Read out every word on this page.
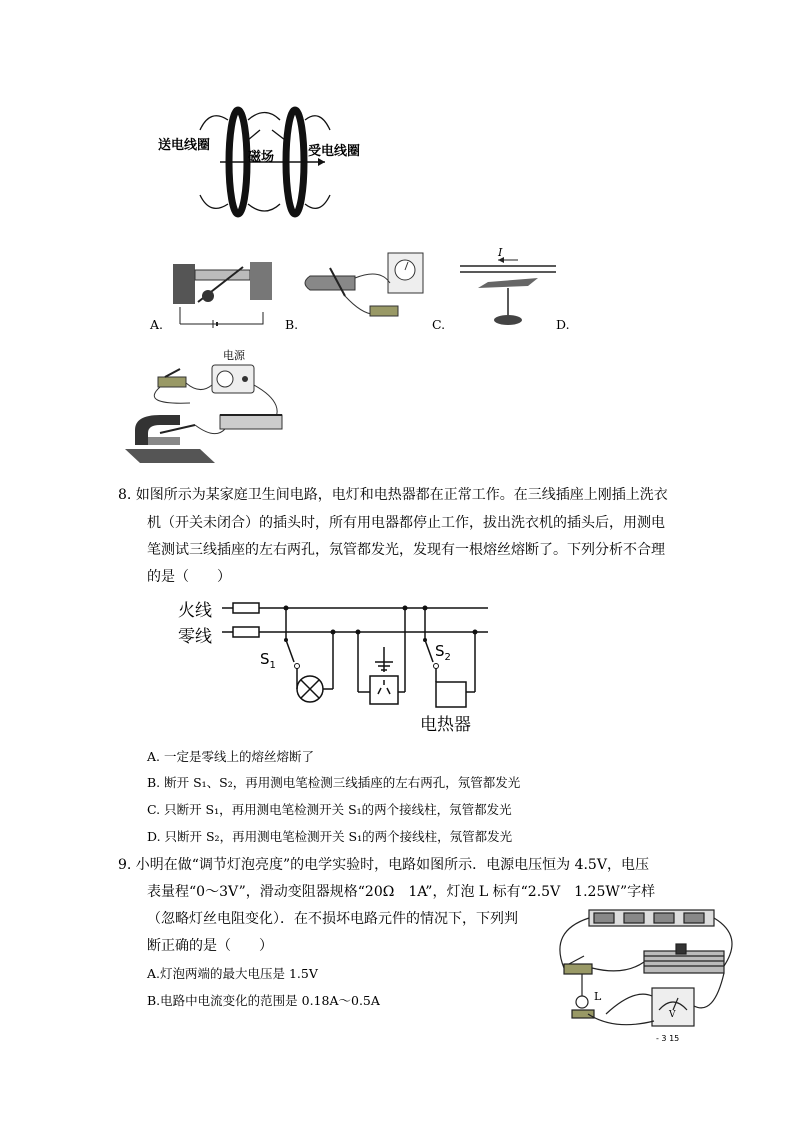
送电线圈
磁场	受电线圈
A.	B.
I
C.	D.
电源
8. 如图所示为某家庭卫生间电路，电灯和电热器都在正常工作。在三线插座上刚插上洗衣
机（开关未闭合）的插头时，所有用电器都停止工作，拔出洗衣机的插头后，用测电
笔测试三线插座的左右两孔，氖管都发光，发现有一根熔丝熔断了。下列分析不合理
的是（　　）
火线
零线
$S_1$
$S_2$
电热器
A. 一定是零线上的熔丝熔断了
B. 断开 S₁、S₂，再用测电笔检测三线插座的左右两孔，氖管都发光
C. 只断开 S₁，再用测电笔检测开关 S₁的两个接线柱，氖管都发光
D. 只断开 S₂，再用测电笔检测开关 S₁的两个接线柱，氖管都发光
9. 小明在做“调节灯泡亮度”的电学实验时，电路如图所示．电源电压恒为 4.5V，电压
表量程“0～3V”，滑动变阻器规格“20Ω　1A”，灯泡 L 标有“2.5V　1.25W”字样
（忽略灯丝电阻变化）．在不损坏电路元件的情况下，下列判
断正确的是（　　）
A.灯泡两端的最大电压是 1.5V
B.电路中电流变化的范围是 0.18A～0.5A	L
V
- 3 15
